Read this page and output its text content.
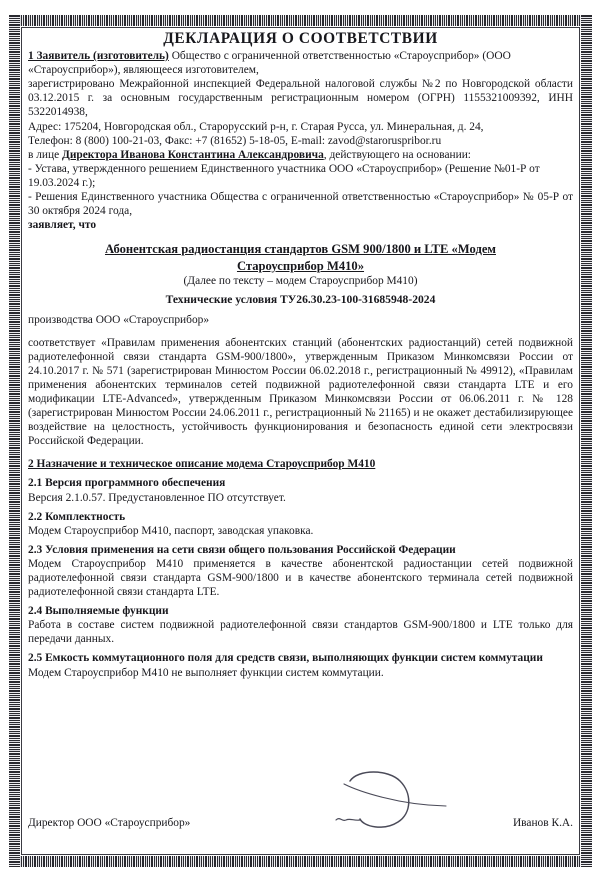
ДЕКЛАРАЦИЯ О СООТВЕТСТВИИ

1 Заявитель (изготовитель) Общество с ограниченной ответственностью «Староусприбор» (ООО «Староусприбор»), являющееся изготовителем,

зарегистрировано Межрайонной инспекцией Федеральной налоговой службы №2 по Новгородской области 03.12.2015 г. за основным государственным регистрационным номером (ОГРН) 1155321009392, ИНН 5322014938,

Адрес: 175204, Новгородская обл., Старорусский р-н, г. Старая Русса, ул. Минеральная, д. 24,

Телефон: 8 (800) 100-21-03, Факс: +7 (81652) 5-18-05, E-mail: zavod@staroruspribor.ru

в лице Директора Иванова Константина Александровича, действующего на основании:

- Устава, утвержденного решением Единственного участника ООО «Староусприбор» (Решение №01-Р от 19.03.2024 г.);

- Решения Единственного участника Общества с ограниченной ответственностью «Староусприбор» № 05-Р от 30 октября 2024 года,

заявляет, что

Абонентская радиостанция стандартов GSM 900/1800 и LTE «Модем
Староусприбор М410»

(Далее по тексту – модем Староусприбор М410)

Технические условия ТУ26.30.23-100-31685948-2024

производства ООО «Староусприбор»

соответствует «Правилам применения абонентских станций (абонентских радиостанций) сетей подвижной радиотелефонной связи стандарта GSM-900/1800», утвержденным Приказом Минкомсвязи России от 24.10.2017 г. № 571 (зарегистрирован Минюстом России 06.02.2018 г., регистрационный № 49912), «Правилам применения абонентских терминалов сетей подвижной радиотелефонной связи стандарта LTE и его модификации LTE-Advanced», утвержденным Приказом Минкомсвязи России от 06.06.2011 г. № 128 (зарегистрирован Минюстом России 24.06.2011 г., регистрационный № 21165) и не окажет дестабилизирующее воздействие на целостность, устойчивость функционирования и безопасность единой сети электросвязи Российской Федерации.

2 Назначение и техническое описание модема Староусприбор М410

2.1 Версия программного обеспечения

Версия 2.1.0.57. Предустановленное ПО отсутствует.

2.2 Комплектность

Модем Староусприбор М410, паспорт, заводская упаковка.

2.3 Условия применения на сети связи общего пользования Российской Федерации

Модем Староусприбор М410 применяется в качестве абонентской радиостанции сетей подвижной радиотелефонной связи стандарта GSM-900/1800 и в качестве абонентского терминала сетей подвижной радиотелефонной связи стандарта LTE.

2.4 Выполняемые функции

Работа в составе систем подвижной радиотелефонной связи стандартов GSM-900/1800 и LTE только для передачи данных.

2.5 Емкость коммутационного поля для средств связи, выполняющих функции систем коммутации

Модем Староусприбор М410 не выполняет функции систем коммутации.

Директор ООО «Староусприбор»	Иванов К.А.
